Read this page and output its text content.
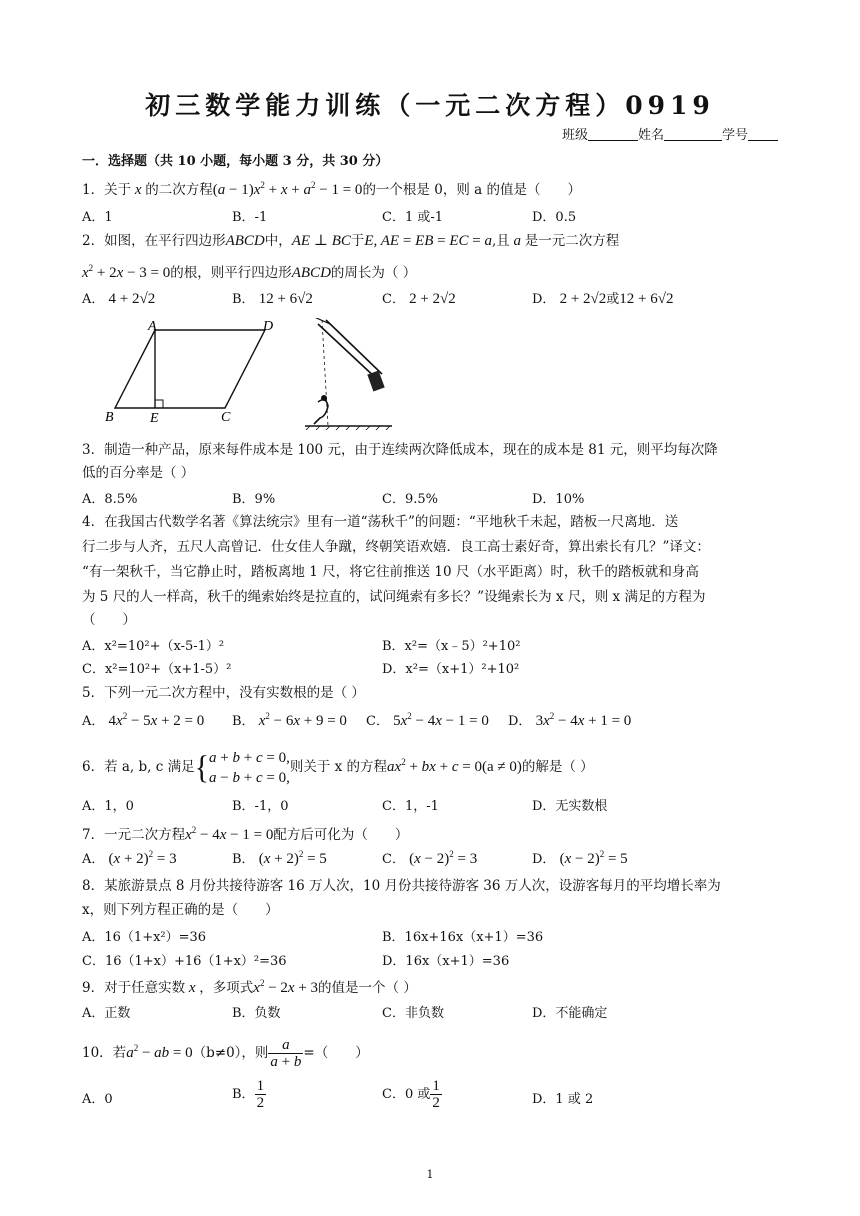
初三数学能力训练（一元二次方程）0919
班级	姓名	学号
一．选择题（共 10 小题，每小题 3 分，共 30 分）
1．关于 x 的二次方程$(a - 1)x^2 + x + a^2 - 1 = 0$的一个根是 0，则 a 的值是（　　）
A．1	B．-1	C．1 或-1	D．0.5
2．如图，在平行四边形ABCD中，AE ⊥ BC于E, AE = EB = EC = a,且 a 是一元二次方程
$x^2 + 2x - 3 = 0$的根，则平行四边形ABCD的周长为（ ）
A． 4 + 2√2	B． 12 + 6√2	C． 2 + 2√2	D． 2 + 2√2或12 + 6√2
A	D
B	E	C
3．制造一种产品，原来每件成本是 100 元，由于连续两次降低成本，现在的成本是 81 元，则平均每次降
低的百分率是（ ）
A．8.5%	B．9%	C．9.5%	D．10%
4．在我国古代数学名著《算法统宗》里有一道“荡秋千”的问题：“平地秋千未起，踏板一尺离地．送
行二步与人齐，五尺人高曾记．仕女佳人争蹴，终朝笑语欢嬉．良工高士素好奇，算出索长有几？”译文：
“有一架秋千，当它静止时，踏板离地 1 尺，将它往前推送 10 尺（水平距离）时，秋千的踏板就和身高
为 5 尺的人一样高，秋千的绳索始终是拉直的，试问绳索有多长？”设绳索长为 x 尺，则 x 满足的方程为
（　　）
A．x²=10²+（x-5-1）²	B．x²=（x﹣5）²+10²
C．x²=10²+（x+1-5）²	D．x²=（x+1）²+10²
5．下列一元二次方程中，没有实数根的是（ ）
A． $4x^2 - 5x + 2 = 0$ B． $x^2 - 6x + 9 = 0$ C． $5x^2 - 4x - 1 = 0$ D． $3x^2 - 4x + 1 = 0$
6．若 a, b, c 满足{a + b + c = 0,
a − b + c = 0,则关于 x 的方程$ax^2$ + bx + c = 0(a ≠ 0)的解是（ ）
A．1，0	B．-1，0	C．1，-1	D．无实数根
7．一元二次方程$x^2 - 4x - 1 = 0$配方后可化为（　　）
A． $(x + 2)^2 = 3$	B． $(x + 2)^2 = 5$	C． $(x - 2)^2 = 3$	D． $(x - 2)^2 = 5$
8．某旅游景点 8 月份共接待游客 16 万人次，10 月份共接待游客 36 万人次，设游客每月的平均增长率为
x，则下列方程正确的是（　　）
A．16（1+x²）=36	B．16x+16x（x+1）=36
C．16（1+x）+16（1+x）²=36	D．16x（x+1）=36
9．对于任意实数 x ，多项式$x^2 - 2x + 3$的值是一个（ ）
A．正数	B．负数	C．非负数	D．不能确定
10．若$a^2$ − ab = 0（b≠0），则 $\frac{a}{a + b}$ =（　　）
A．0	B． $\frac{1}{2}$	C．0 或 $\frac{1}{2}$	D．1 或 2
1
